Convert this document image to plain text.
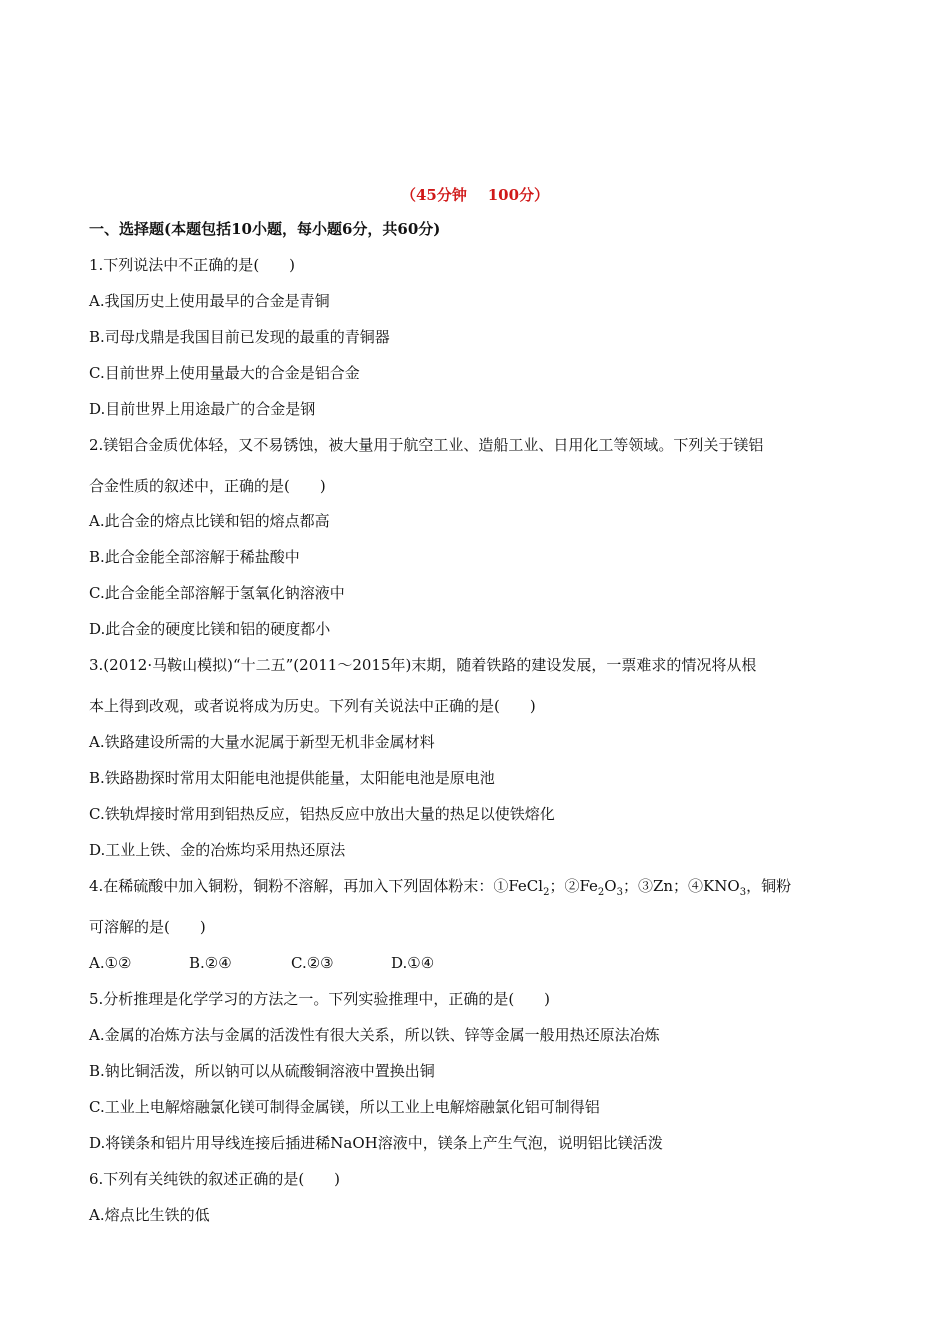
（45分钟    100分）
一、选择题(本题包括10小题，每小题6分，共60分)
1.下列说法中不正确的是(　　)
A.我国历史上使用最早的合金是青铜
B.司母戊鼎是我国目前已发现的最重的青铜器
C.目前世界上使用量最大的合金是铝合金
D.目前世界上用途最广的合金是钢
2.镁铝合金质优体轻，又不易锈蚀，被大量用于航空工业、造船工业、日用化工等领域。下列关于镁铝
合金性质的叙述中，正确的是(　　)
A.此合金的熔点比镁和铝的熔点都高
B.此合金能全部溶解于稀盐酸中
C.此合金能全部溶解于氢氧化钠溶液中
D.此合金的硬度比镁和铝的硬度都小
3.(2012·马鞍山模拟)“十二五”(2011～2015年)末期，随着铁路的建设发展，一票难求的情况将从根
本上得到改观，或者说将成为历史。下列有关说法中正确的是(　　)
A.铁路建设所需的大量水泥属于新型无机非金属材料
B.铁路勘探时常用太阳能电池提供能量，太阳能电池是原电池
C.铁轨焊接时常用到铝热反应，铝热反应中放出大量的热足以使铁熔化
D.工业上铁、金的冶炼均采用热还原法
4.在稀硫酸中加入铜粉，铜粉不溶解，再加入下列固体粉末：①FeCl$_2$；$②Fe_2O_3$；③Zn；$④KNO_3$，铜粉
可溶解的是(　　)
A.①②	B.②④	C.②③	D.①④
5.分析推理是化学学习的方法之一。下列实验推理中，正确的是(　　)
A.金属的冶炼方法与金属的活泼性有很大关系，所以铁、锌等金属一般用热还原法冶炼
B.钠比铜活泼，所以钠可以从硫酸铜溶液中置换出铜
C.工业上电解熔融氯化镁可制得金属镁，所以工业上电解熔融氯化铝可制得铝
D.将镁条和铝片用导线连接后插进稀NaOH溶液中，镁条上产生气泡，说明铝比镁活泼
6.下列有关纯铁的叙述正确的是(　　)
A.熔点比生铁的低
